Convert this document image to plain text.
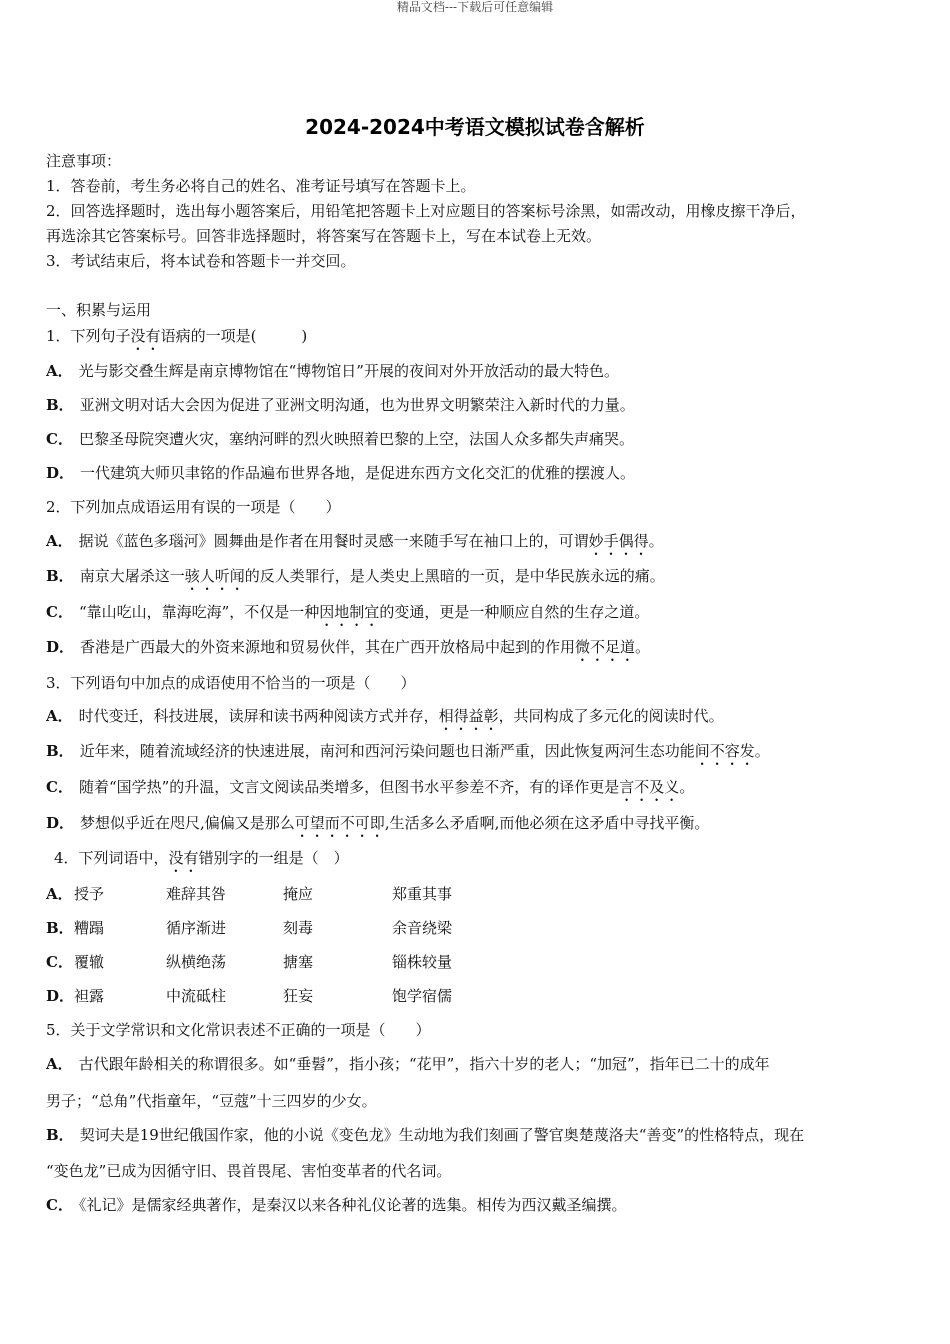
精品文档---下载后可任意编辑
2024-2024中考语文模拟试卷含解析
注意事项：
1．答卷前，考生务必将自己的姓名、准考证号填写在答题卡上。
2．回答选择题时，选出每小题答案后，用铅笔把答题卡上对应题目的答案标号涂黑，如需改动，用橡皮擦干净后，
再选涂其它答案标号。回答非选择题时，将答案写在答题卡上，写在本试卷上无效。
3．考试结束后，将本试卷和答题卡一并交回。
一、积累与运用
1．下列句子没有语病的一项是(　　　)
A． 光与影交叠生辉是南京博物馆在“博物馆日”开展的夜间对外开放活动的最大特色。
B． 亚洲文明对话大会因为促进了亚洲文明沟通，也为世界文明繁荣注入新时代的力量。
C． 巴黎圣母院突遭火灾，塞纳河畔的烈火映照着巴黎的上空，法国人众多都失声痛哭。
D． 一代建筑大师贝聿铭的作品遍布世界各地，是促进东西方文化交汇的优雅的摆渡人。
2．下列加点成语运用有误的一项是（　　）
A． 据说《蓝色多瑙河》圆舞曲是作者在用餐时灵感一来随手写在袖口上的，可谓妙手偶得。
B． 南京大屠杀这一骇人听闻的反人类罪行，是人类史上黑暗的一页，是中华民族永远的痛。
C． “靠山吃山，靠海吃海”，不仅是一种因地制宜的变通，更是一种顺应自然的生存之道。
D． 香港是广西最大的外资来源地和贸易伙伴，其在广西开放格局中起到的作用微不足道。
3．下列语句中加点的成语使用不恰当的一项是（　　）
A． 时代变迁，科技进展，读屏和读书两种阅读方式并存，相得益彰，共同构成了多元化的阅读时代。
B． 近年来，随着流域经济的快速进展，南河和西河污染问题也日渐严重，因此恢复两河生态功能间不容发。
C． 随着“国学热”的升温，文言文阅读品类增多，但图书水平参差不齐，有的译作更是言不及义。
D． 梦想似乎近在咫尺,偏偏又是那么可望而不可即,生活多么矛盾啊,而他必须在这矛盾中寻找平衡。
4．下列词语中，没有错别字的一组是（　）
A． 授予	难辞其咎	掩应	郑重其事
B． 糟蹋	循序渐进	刻毒	余音绕梁
C． 覆辙	纵横绝荡	搪塞	锱株较量
D． 袒露	中流砥柱	狂妄	饱学宿儒
5．关于文学常识和文化常识表述不正确的一项是（　　）
A． 古代跟年龄相关的称谓很多。如“垂髫”，指小孩；“花甲”，指六十岁的老人；“加冠”，指年已二十的成年
男子；“总角”代指童年，“豆蔻”十三四岁的少女。
B． 契诃夫是19世纪俄国作家，他的小说《变色龙》生动地为我们刻画了警官奥楚蔑洛夫“善变”的性格特点，现在
“变色龙”已成为因循守旧、畏首畏尾、害怕变革者的代名词。
C． 《礼记》是儒家经典著作，是秦汉以来各种礼仪论著的选集。相传为西汉戴圣编撰。
